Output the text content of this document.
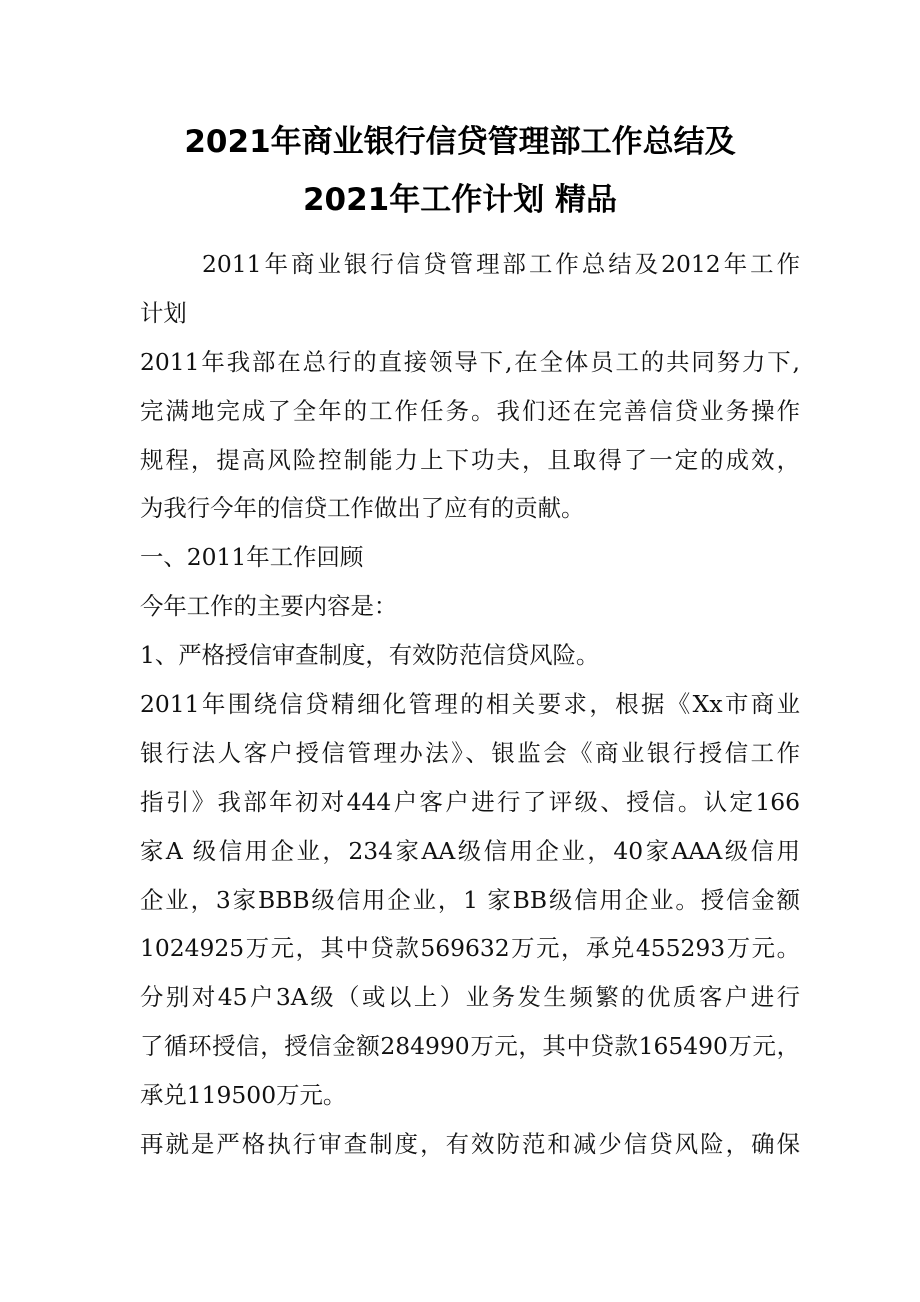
2021年商业银行信贷管理部工作总结及
2021年工作计划 精品
2011年商业银行信贷管理部工作总结及2012年工作
计划
2011年我部在总行的直接领导下,在全体员工的共同努力下,
完满地完成了全年的工作任务。我们还在完善信贷业务操作
规程，提高风险控制能力上下功夫，且取得了一定的成效，
为我行今年的信贷工作做出了应有的贡献。
一、2011年工作回顾
今年工作的主要内容是：
1、严格授信审查制度，有效防范信贷风险。
2011年围绕信贷精细化管理的相关要求，根据《Xx市商业
银行法人客户授信管理办法》、银监会《商业银行授信工作
指引》我部年初对444户客户进行了评级、授信。认定166
家A 级信用企业，234家AA级信用企业，40家AAA级信用
企业，3家BBB级信用企业，1 家BB级信用企业。授信金额
1024925万元，其中贷款569632万元，承兑455293万元。
分别对45户3A级（或以上）业务发生频繁的优质客户进行
了循环授信，授信金额284990万元，其中贷款165490万元，
承兑119500万元。
再就是严格执行审查制度，有效防范和减少信贷风险，确保
